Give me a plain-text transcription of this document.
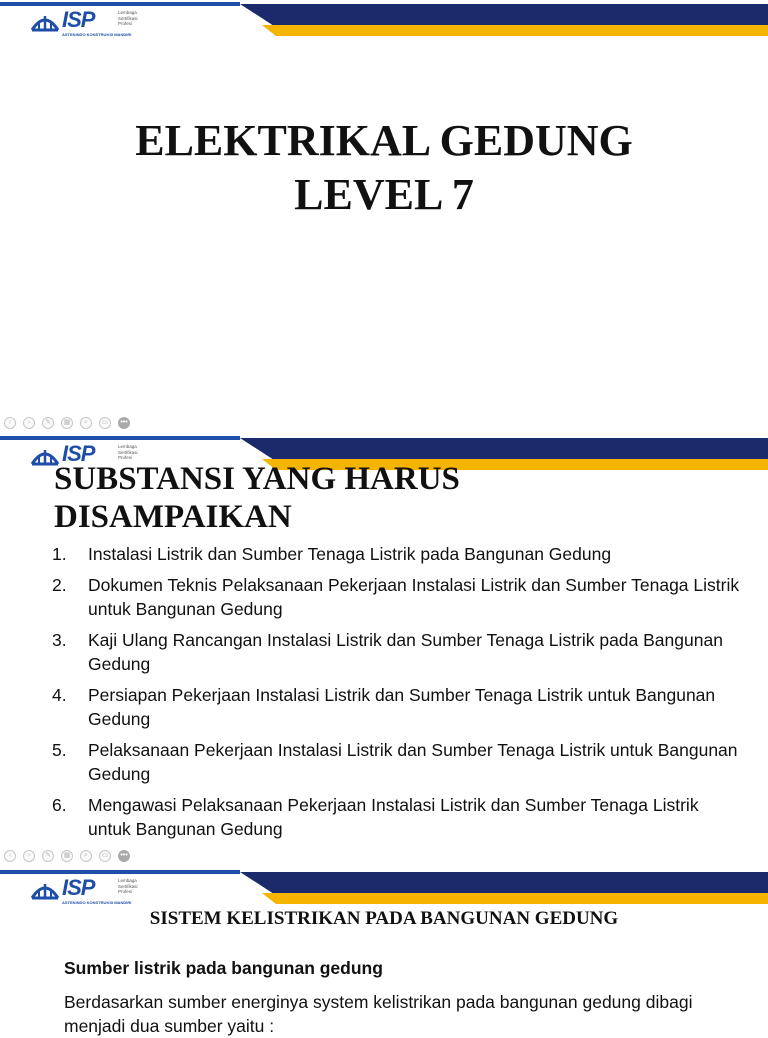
ISP	Lembaga Sertifikasi Profesi
ASTEKINDO KONSTRUKSI MANDIRI
ELEKTRIKAL GEDUNG
LEVEL 7
‹	›	✎	▦	⌕	▭	•••
ISP	Lembaga Sertifikasi Profesi
SUBSTANSI YANG HARUS
DISAMPAIKAN
1.	Instalasi Listrik dan Sumber Tenaga Listrik pada Bangunan Gedung
2.	Dokumen Teknis Pelaksanaan Pekerjaan Instalasi Listrik dan Sumber Tenaga Listrik untuk Bangunan Gedung
3.	Kaji Ulang Rancangan Instalasi Listrik dan Sumber Tenaga Listrik pada Bangunan Gedung
4.	Persiapan Pekerjaan Instalasi Listrik dan Sumber Tenaga Listrik untuk Bangunan Gedung
5.	Pelaksanaan Pekerjaan Instalasi Listrik dan Sumber Tenaga Listrik untuk Bangunan Gedung
6.	Mengawasi Pelaksanaan Pekerjaan Instalasi Listrik dan Sumber Tenaga Listrik untuk Bangunan Gedung
‹	›	✎	▦	⌕	▭	•••
ISP	Lembaga Sertifikasi Profesi
ASTEKINDO KONSTRUKSI MANDIRI
SISTEM KELISTRIKAN PADA BANGUNAN GEDUNG
Sumber listrik pada bangunan gedung

Berdasarkan sumber energinya system kelistrikan pada bangunan gedung dibagi menjadi dua sumber yaitu :
